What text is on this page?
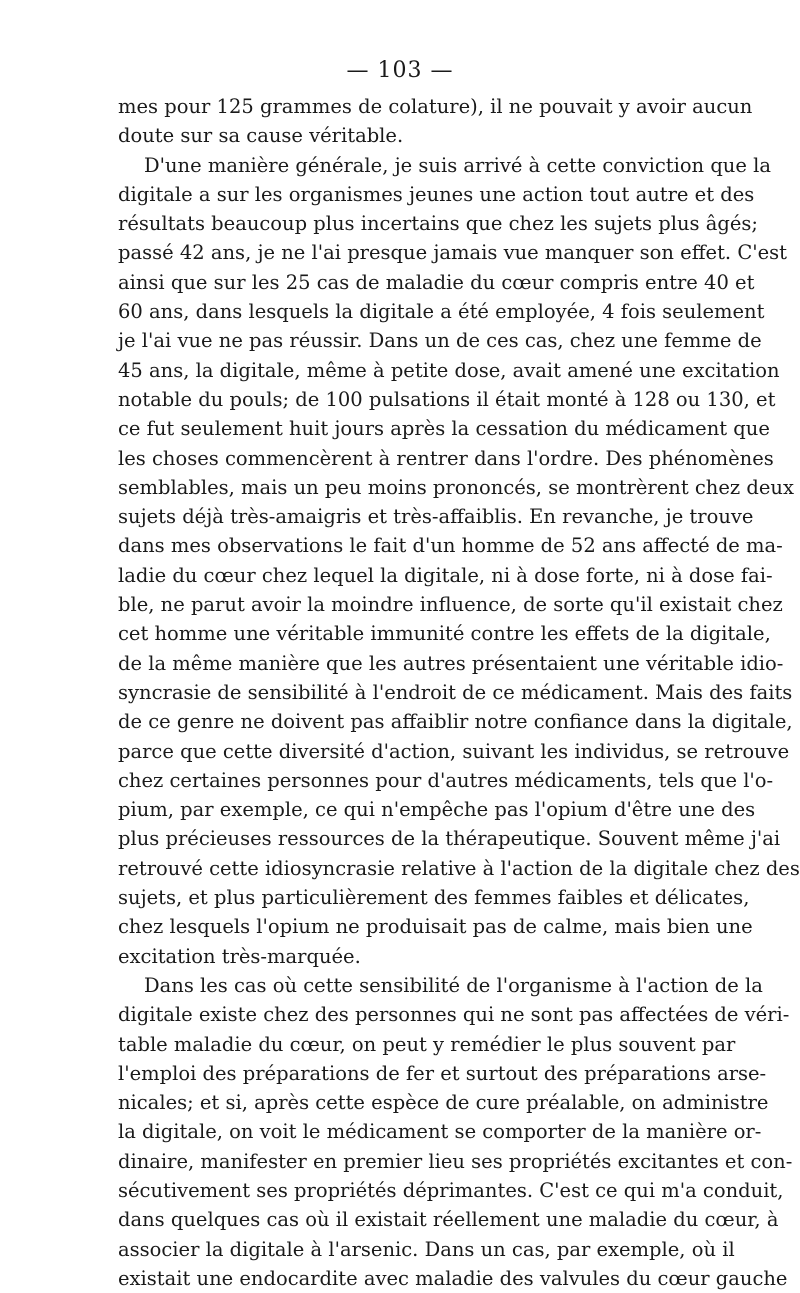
— 103 —
mes pour 125 grammes de colature), il ne pouvait y avoir aucun
doute sur sa cause véritable.
D'une manière générale, je suis arrivé à cette conviction que la
digitale a sur les organismes jeunes une action tout autre et des
résultats beaucoup plus incertains que chez les sujets plus âgés;
passé 42 ans, je ne l'ai presque jamais vue manquer son effet. C'est
ainsi que sur les 25 cas de maladie du cœur compris entre 40 et
60 ans, dans lesquels la digitale a été employée, 4 fois seulement
je l'ai vue ne pas réussir. Dans un de ces cas, chez une femme de
45 ans, la digitale, même à petite dose, avait amené une excitation
notable du pouls; de 100 pulsations il était monté à 128 ou 130, et
ce fut seulement huit jours après la cessation du médicament que
les choses commencèrent à rentrer dans l'ordre. Des phénomènes
semblables, mais un peu moins prononcés, se montrèrent chez deux
sujets déjà très-amaigris et très-affaiblis. En revanche, je trouve
dans mes observations le fait d'un homme de 52 ans affecté de ma-
ladie du cœur chez lequel la digitale, ni à dose forte, ni à dose fai-
ble, ne parut avoir la moindre influence, de sorte qu'il existait chez
cet homme une véritable immunité contre les effets de la digitale,
de la même manière que les autres présentaient une véritable idio-
syncrasie de sensibilité à l'endroit de ce médicament. Mais des faits
de ce genre ne doivent pas affaiblir notre confiance dans la digitale,
parce que cette diversité d'action, suivant les individus, se retrouve
chez certaines personnes pour d'autres médicaments, tels que l'o-
pium, par exemple, ce qui n'empêche pas l'opium d'être une des
plus précieuses ressources de la thérapeutique. Souvent même j'ai
retrouvé cette idiosyncrasie relative à l'action de la digitale chez des
sujets, et plus particulièrement des femmes faibles et délicates,
chez lesquels l'opium ne produisait pas de calme, mais bien une
excitation très-marquée.
Dans les cas où cette sensibilité de l'organisme à l'action de la
digitale existe chez des personnes qui ne sont pas affectées de véri-
table maladie du cœur, on peut y remédier le plus souvent par
l'emploi des préparations de fer et surtout des préparations arse-
nicales; et si, après cette espèce de cure préalable, on administre
la digitale, on voit le médicament se comporter de la manière or-
dinaire, manifester en premier lieu ses propriétés excitantes et con-
sécutivement ses propriétés déprimantes. C'est ce qui m'a conduit,
dans quelques cas où il existait réellement une maladie du cœur, à
associer la digitale à l'arsenic. Dans un cas, par exemple, où il
existait une endocardite avec maladie des valvules du cœur gauche
